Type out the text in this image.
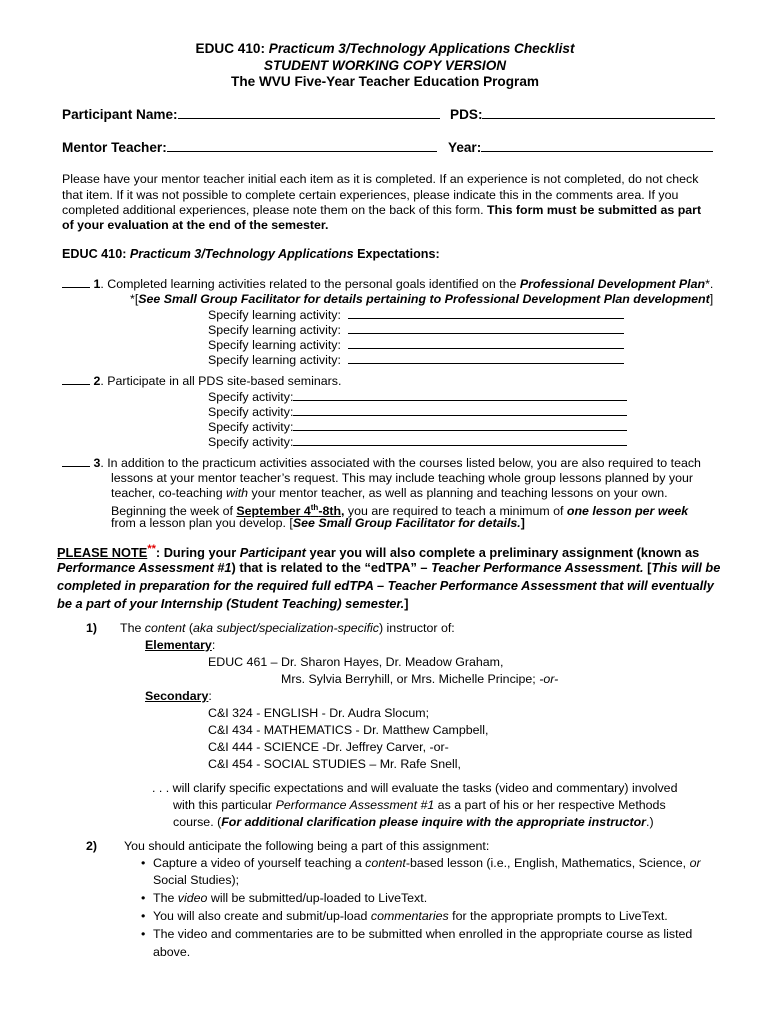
EDUC 410: Practicum 3/Technology Applications Checklist
STUDENT WORKING COPY VERSION
The WVU Five-Year Teacher Education Program
Participant Name:	PDS:
Mentor Teacher:	Year:
Please have your mentor teacher initial each item as it is completed. If an experience is not completed, do not check
that item. If it was not possible to complete certain experiences, please indicate this in the comments area. If you
completed additional experiences, please note them on the back of this form. This form must be submitted as part
of your evaluation at the end of the semester.
EDUC 410: Practicum 3/Technology Applications Expectations:
1. Completed learning activities related to the personal goals identified on the Professional Development Plan*.
*[See Small Group Facilitator for details pertaining to Professional Development Plan development]
Specify learning activity:
Specify learning activity:
Specify learning activity:
Specify learning activity:
2. Participate in all PDS site-based seminars.
Specify activity:
Specify activity:
Specify activity:
Specify activity:
3. In addition to the practicum activities associated with the courses listed below, you are also required to teach
lessons at your mentor teacher’s request. This may include teaching whole group lessons planned by your
teacher, co-teaching with your mentor teacher, as well as planning and teaching lessons on your own.
Beginning the week of September 4th-8th, you are required to teach a minimum of one lesson per week
from a lesson plan you develop. [See Small Group Facilitator for details.]
PLEASE NOTE**: During your Participant year you will also complete a preliminary assignment (known as
Performance Assessment #1) that is related to the “edTPA” – Teacher Performance Assessment. [This will be
completed in preparation for the required full edTPA – Teacher Performance Assessment that will eventually
be a part of your Internship (Student Teaching) semester.]
1) The content (aka subject/specialization-specific) instructor of:
Elementary:
EDUC 461 – Dr. Sharon Hayes, Dr. Meadow Graham,
Mrs. Sylvia Berryhill, or Mrs. Michelle Principe; -or-
Secondary:
C&I 324 - ENGLISH - Dr. Audra Slocum;
C&I 434 - MATHEMATICS - Dr. Matthew Campbell,
C&I 444 - SCIENCE -Dr. Jeffrey Carver, -or-
C&I 454 - SOCIAL STUDIES – Mr. Rafe Snell,
. . . will clarify specific expectations and will evaluate the tasks (video and commentary) involved
with this particular Performance Assessment #1 as a part of his or her respective Methods
course. (For additional clarification please inquire with the appropriate instructor.)
2) You should anticipate the following being a part of this assignment:
• Capture a video of yourself teaching a content-based lesson (i.e., English, Mathematics, Science, or
Social Studies);
• The video will be submitted/up-loaded to LiveText.
• You will also create and submit/up-load commentaries for the appropriate prompts to LiveText.
• The video and commentaries are to be submitted when enrolled in the appropriate course as listed
above.
